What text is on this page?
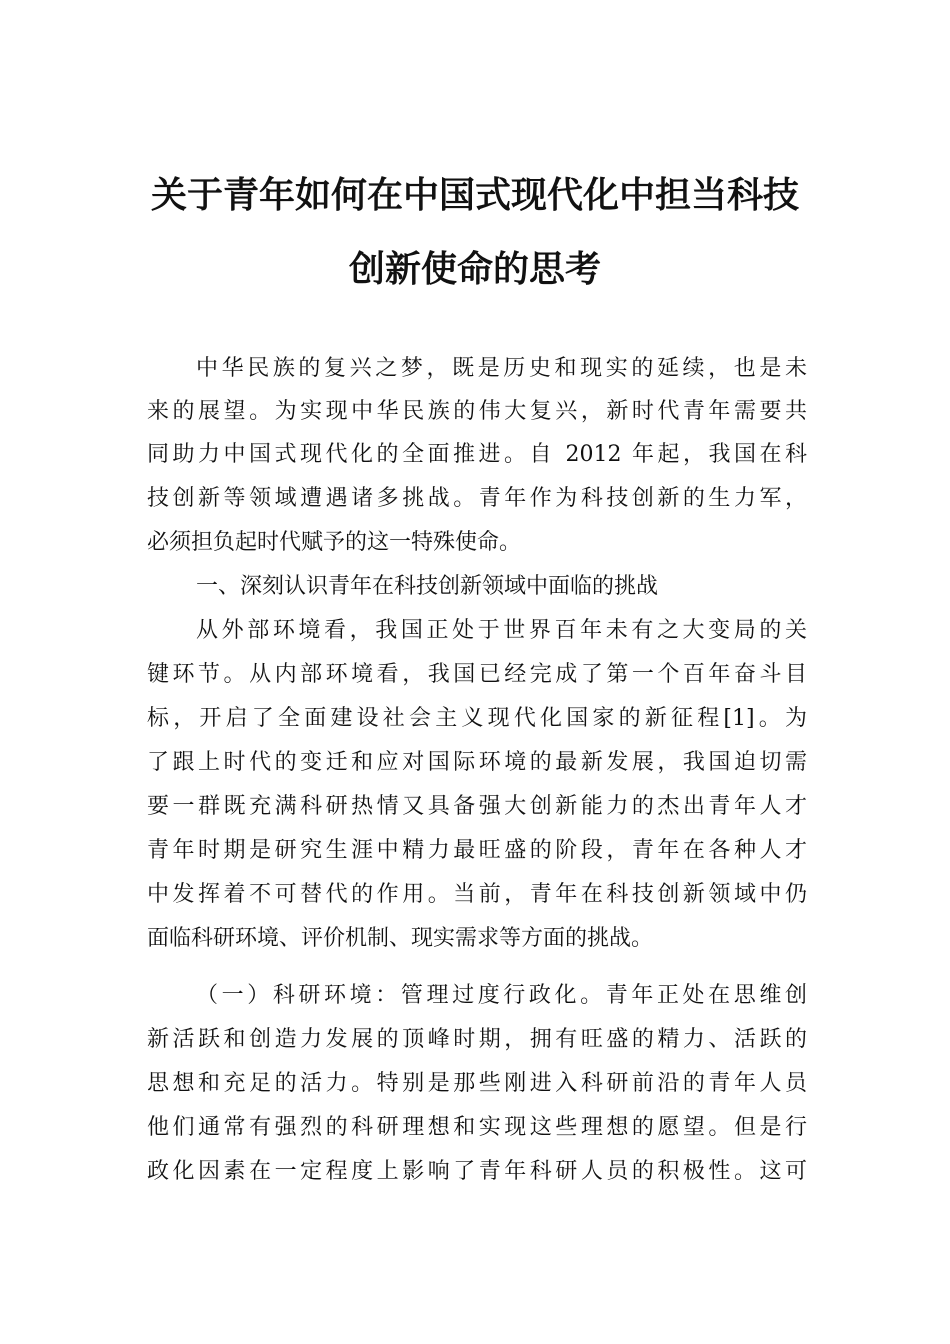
关于青年如何在中国式现代化中担当科技
创新使命的思考
中华民族的复兴之梦，既是历史和现实的延续，也是未
来的展望。为实现中华民族的伟大复兴，新时代青年需要共
同助力中国式现代化的全面推进。自 2012 年起，我国在科
技创新等领域遭遇诸多挑战。青年作为科技创新的生力军，
必须担负起时代赋予的这一特殊使命。
一、深刻认识青年在科技创新领域中面临的挑战
从外部环境看，我国正处于世界百年未有之大变局的关
键环节。从内部环境看，我国已经完成了第一个百年奋斗目
标，开启了全面建设社会主义现代化国家的新征程[1]。为
了跟上时代的变迁和应对国际环境的最新发展，我国迫切需
要一群既充满科研热情又具备强大创新能力的杰出青年人才
青年时期是研究生涯中精力最旺盛的阶段，青年在各种人才
中发挥着不可替代的作用。当前，青年在科技创新领域中仍
面临科研环境、评价机制、现实需求等方面的挑战。
（一）科研环境：管理过度行政化。青年正处在思维创
新活跃和创造力发展的顶峰时期，拥有旺盛的精力、活跃的
思想和充足的活力。特别是那些刚进入科研前沿的青年人员
他们通常有强烈的科研理想和实现这些理想的愿望。但是行
政化因素在一定程度上影响了青年科研人员的积极性。这可
